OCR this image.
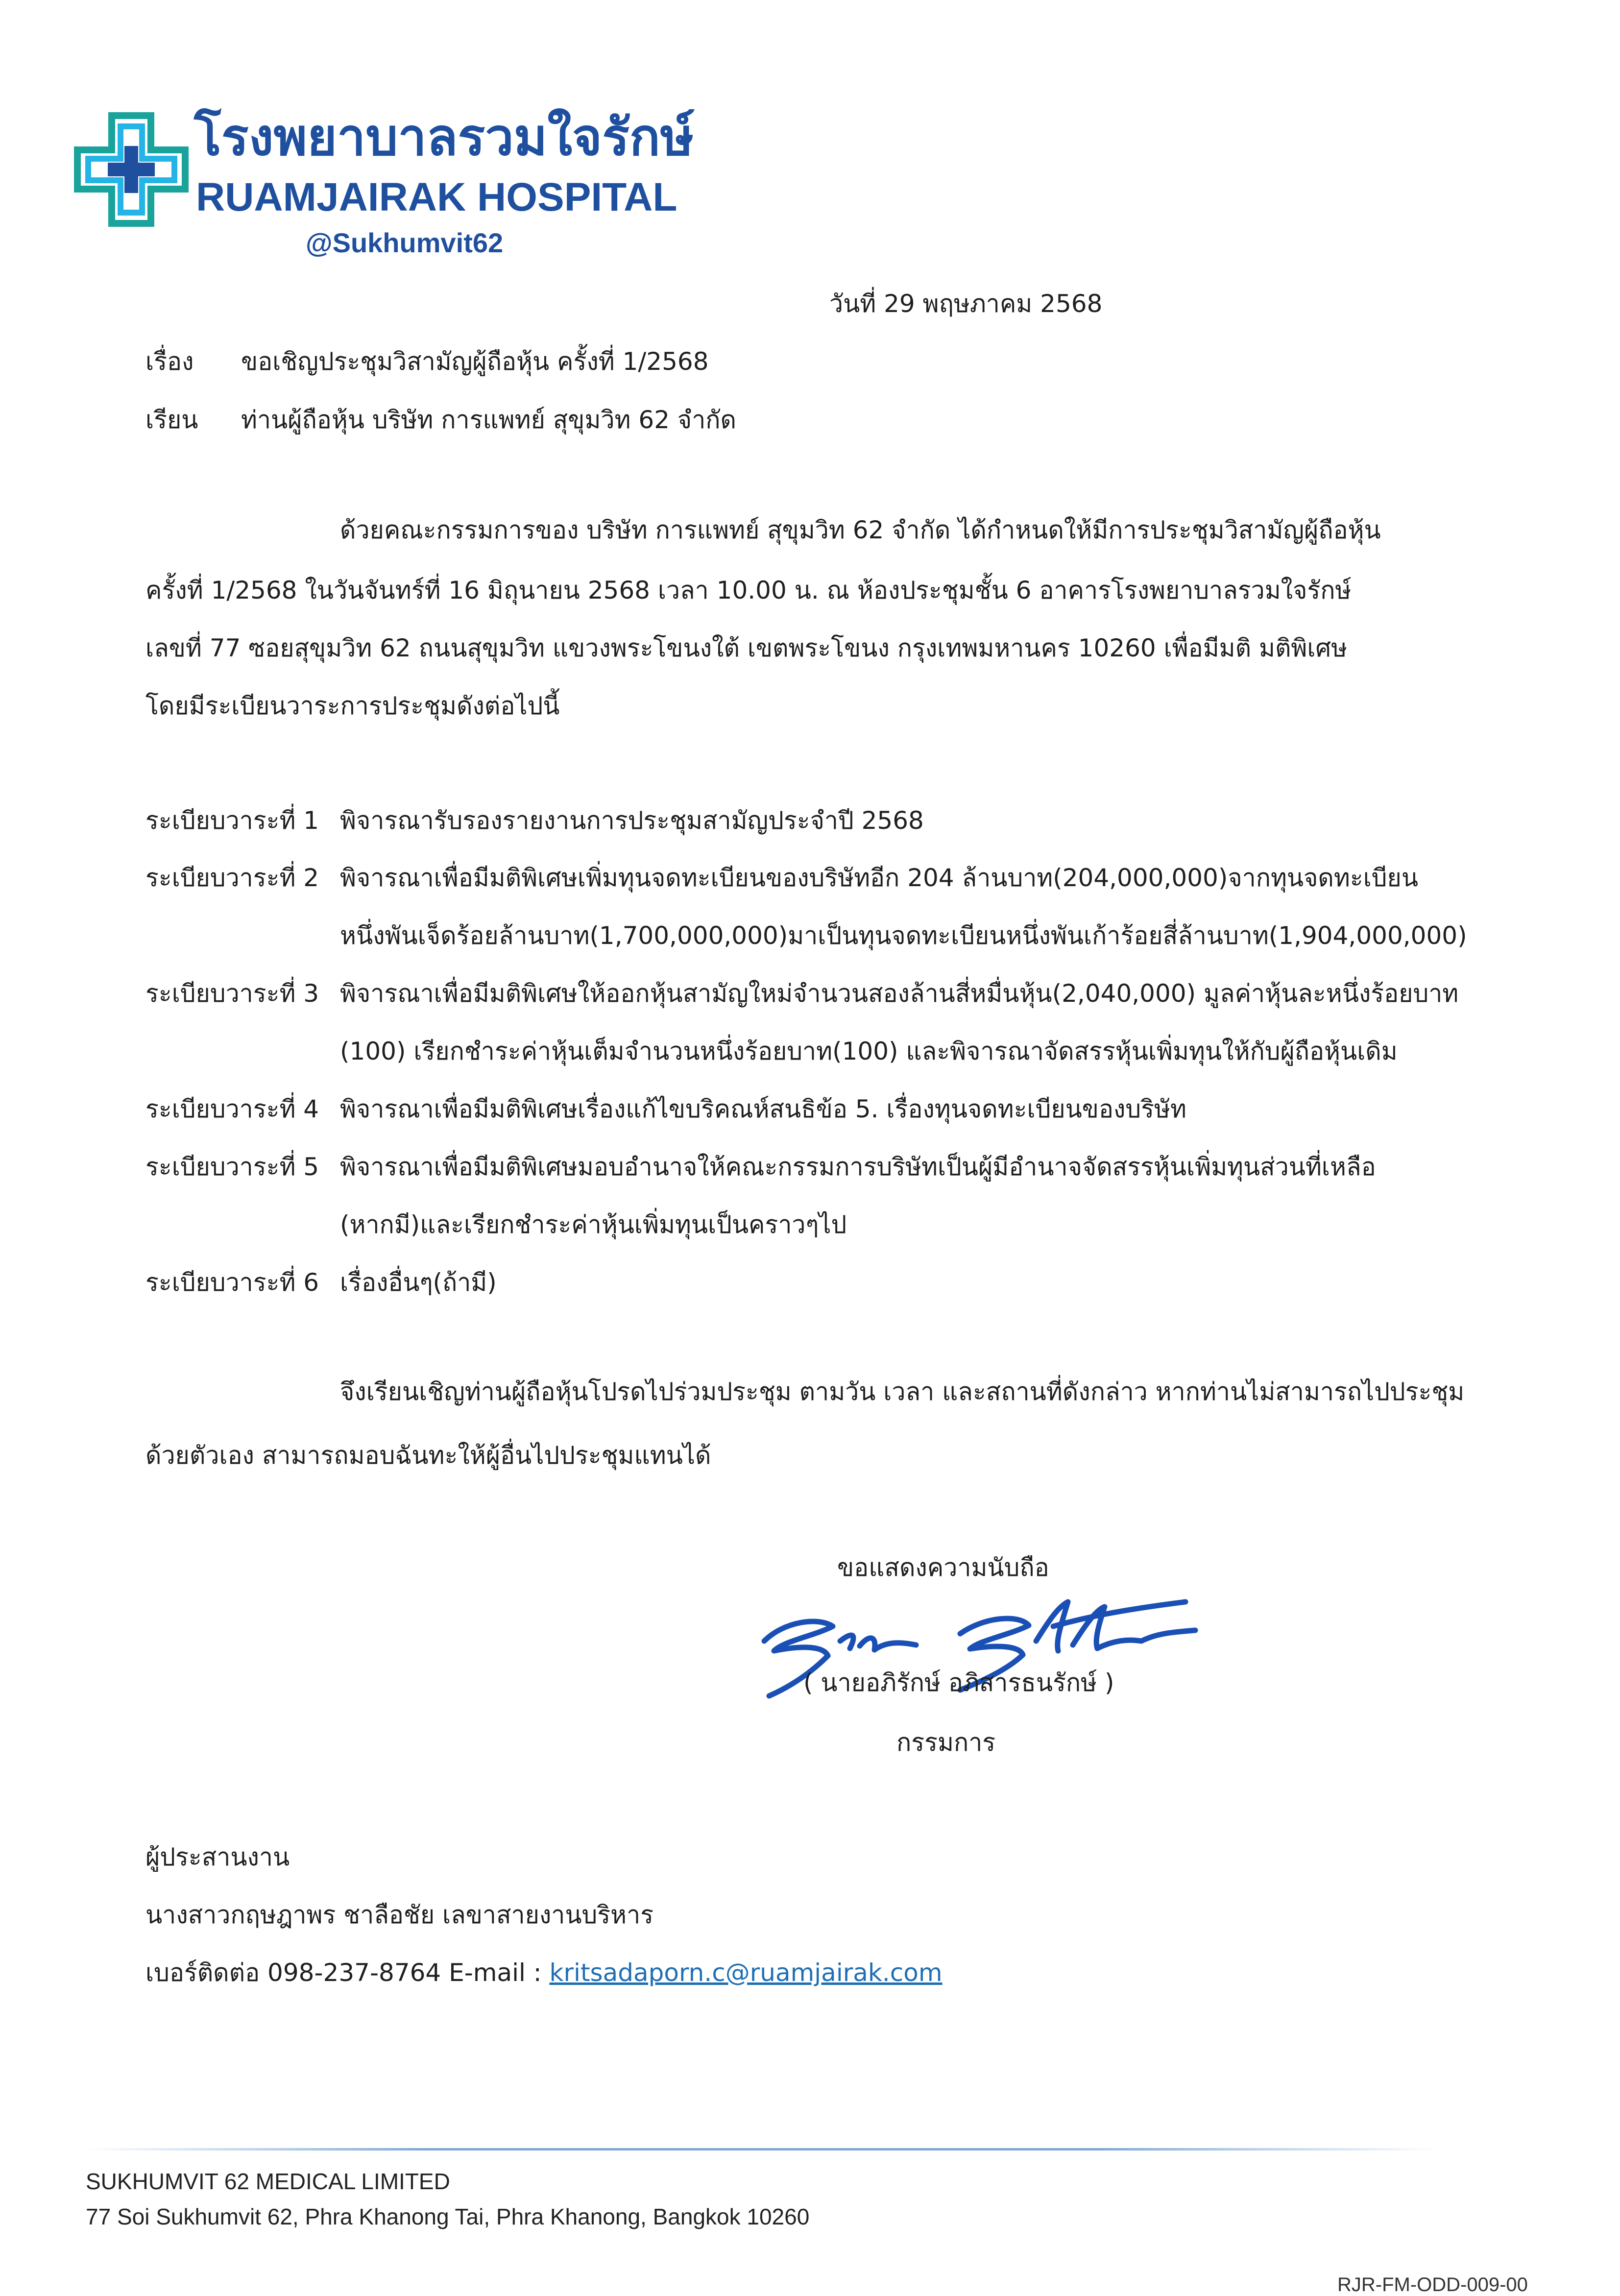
โรงพยาบาลรวมใจรักษ์
RUAMJAIRAK HOSPITAL
@Sukhumvit62
วันที่ 29 พฤษภาคม 2568
เรื่อง ขอเชิญประชุมวิสามัญผู้ถือหุ้น ครั้งที่ 1/2568
เรียน ท่านผู้ถือหุ้น บริษัท การแพทย์ สุขุมวิท 62 จำกัด
ด้วยคณะกรรมการของ บริษัท การแพทย์ สุขุมวิท 62 จำกัด ได้กำหนดให้มีการประชุมวิสามัญผู้ถือหุ้น
ครั้งที่ 1/2568 ในวันจันทร์ที่ 16 มิถุนายน 2568 เวลา 10.00 น. ณ ห้องประชุมชั้น 6 อาคารโรงพยาบาลรวมใจรักษ์
เลขที่ 77 ซอยสุขุมวิท 62 ถนนสุขุมวิท แขวงพระโขนงใต้ เขตพระโขนง กรุงเทพมหานคร 10260 เพื่อมีมติ มติพิเศษ
โดยมีระเบียนวาระการประชุมดังต่อไปนี้
ระเบียบวาระที่ 1 พิจารณารับรองรายงานการประชุมสามัญประจำปี 2568
ระเบียบวาระที่ 2 พิจารณาเพื่อมีมติพิเศษเพิ่มทุนจดทะเบียนของบริษัทอีก 204 ล้านบาท(204,000,000)จากทุนจดทะเบียน
หนึ่งพันเจ็ดร้อยล้านบาท(1,700,000,000)มาเป็นทุนจดทะเบียนหนึ่งพันเก้าร้อยสี่ล้านบาท(1,904,000,000)
ระเบียบวาระที่ 3 พิจารณาเพื่อมีมติพิเศษให้ออกหุ้นสามัญใหม่จำนวนสองล้านสี่หมื่นหุ้น(2,040,000) มูลค่าหุ้นละหนึ่งร้อยบาท
(100) เรียกชำระค่าหุ้นเต็มจำนวนหนึ่งร้อยบาท(100) และพิจารณาจัดสรรหุ้นเพิ่มทุนให้กับผู้ถือหุ้นเดิม
ระเบียบวาระที่ 4 พิจารณาเพื่อมีมติพิเศษเรื่องแก้ไขบริคณห์สนธิข้อ 5. เรื่องทุนจดทะเบียนของบริษัท
ระเบียบวาระที่ 5 พิจารณาเพื่อมีมติพิเศษมอบอำนาจให้คณะกรรมการบริษัทเป็นผู้มีอำนาจจัดสรรหุ้นเพิ่มทุนส่วนที่เหลือ
(หากมี)และเรียกชำระค่าหุ้นเพิ่มทุนเป็นคราวๆไป
ระเบียบวาระที่ 6 เรื่องอื่นๆ(ถ้ามี)
จึงเรียนเชิญท่านผู้ถือหุ้นโปรดไปร่วมประชุม ตามวัน เวลา และสถานที่ดังกล่าว หากท่านไม่สามารถไปประชุม
ด้วยตัวเอง สามารถมอบฉันทะให้ผู้อื่นไปประชุมแทนได้
ขอแสดงความนับถือ
( นายอภิรักษ์ อภิสารธนรักษ์ )
กรรมการ
ผู้ประสานงาน
นางสาวกฤษฎาพร ชาลือชัย เลขาสายงานบริหาร
เบอร์ติดต่อ 098-237-8764 E-mail : kritsadaporn.c@ruamjairak.com
SUKHUMVIT 62 MEDICAL LIMITED
77 Soi Sukhumvit 62, Phra Khanong Tai, Phra Khanong, Bangkok 10260
RJR-FM-ODD-009-00
